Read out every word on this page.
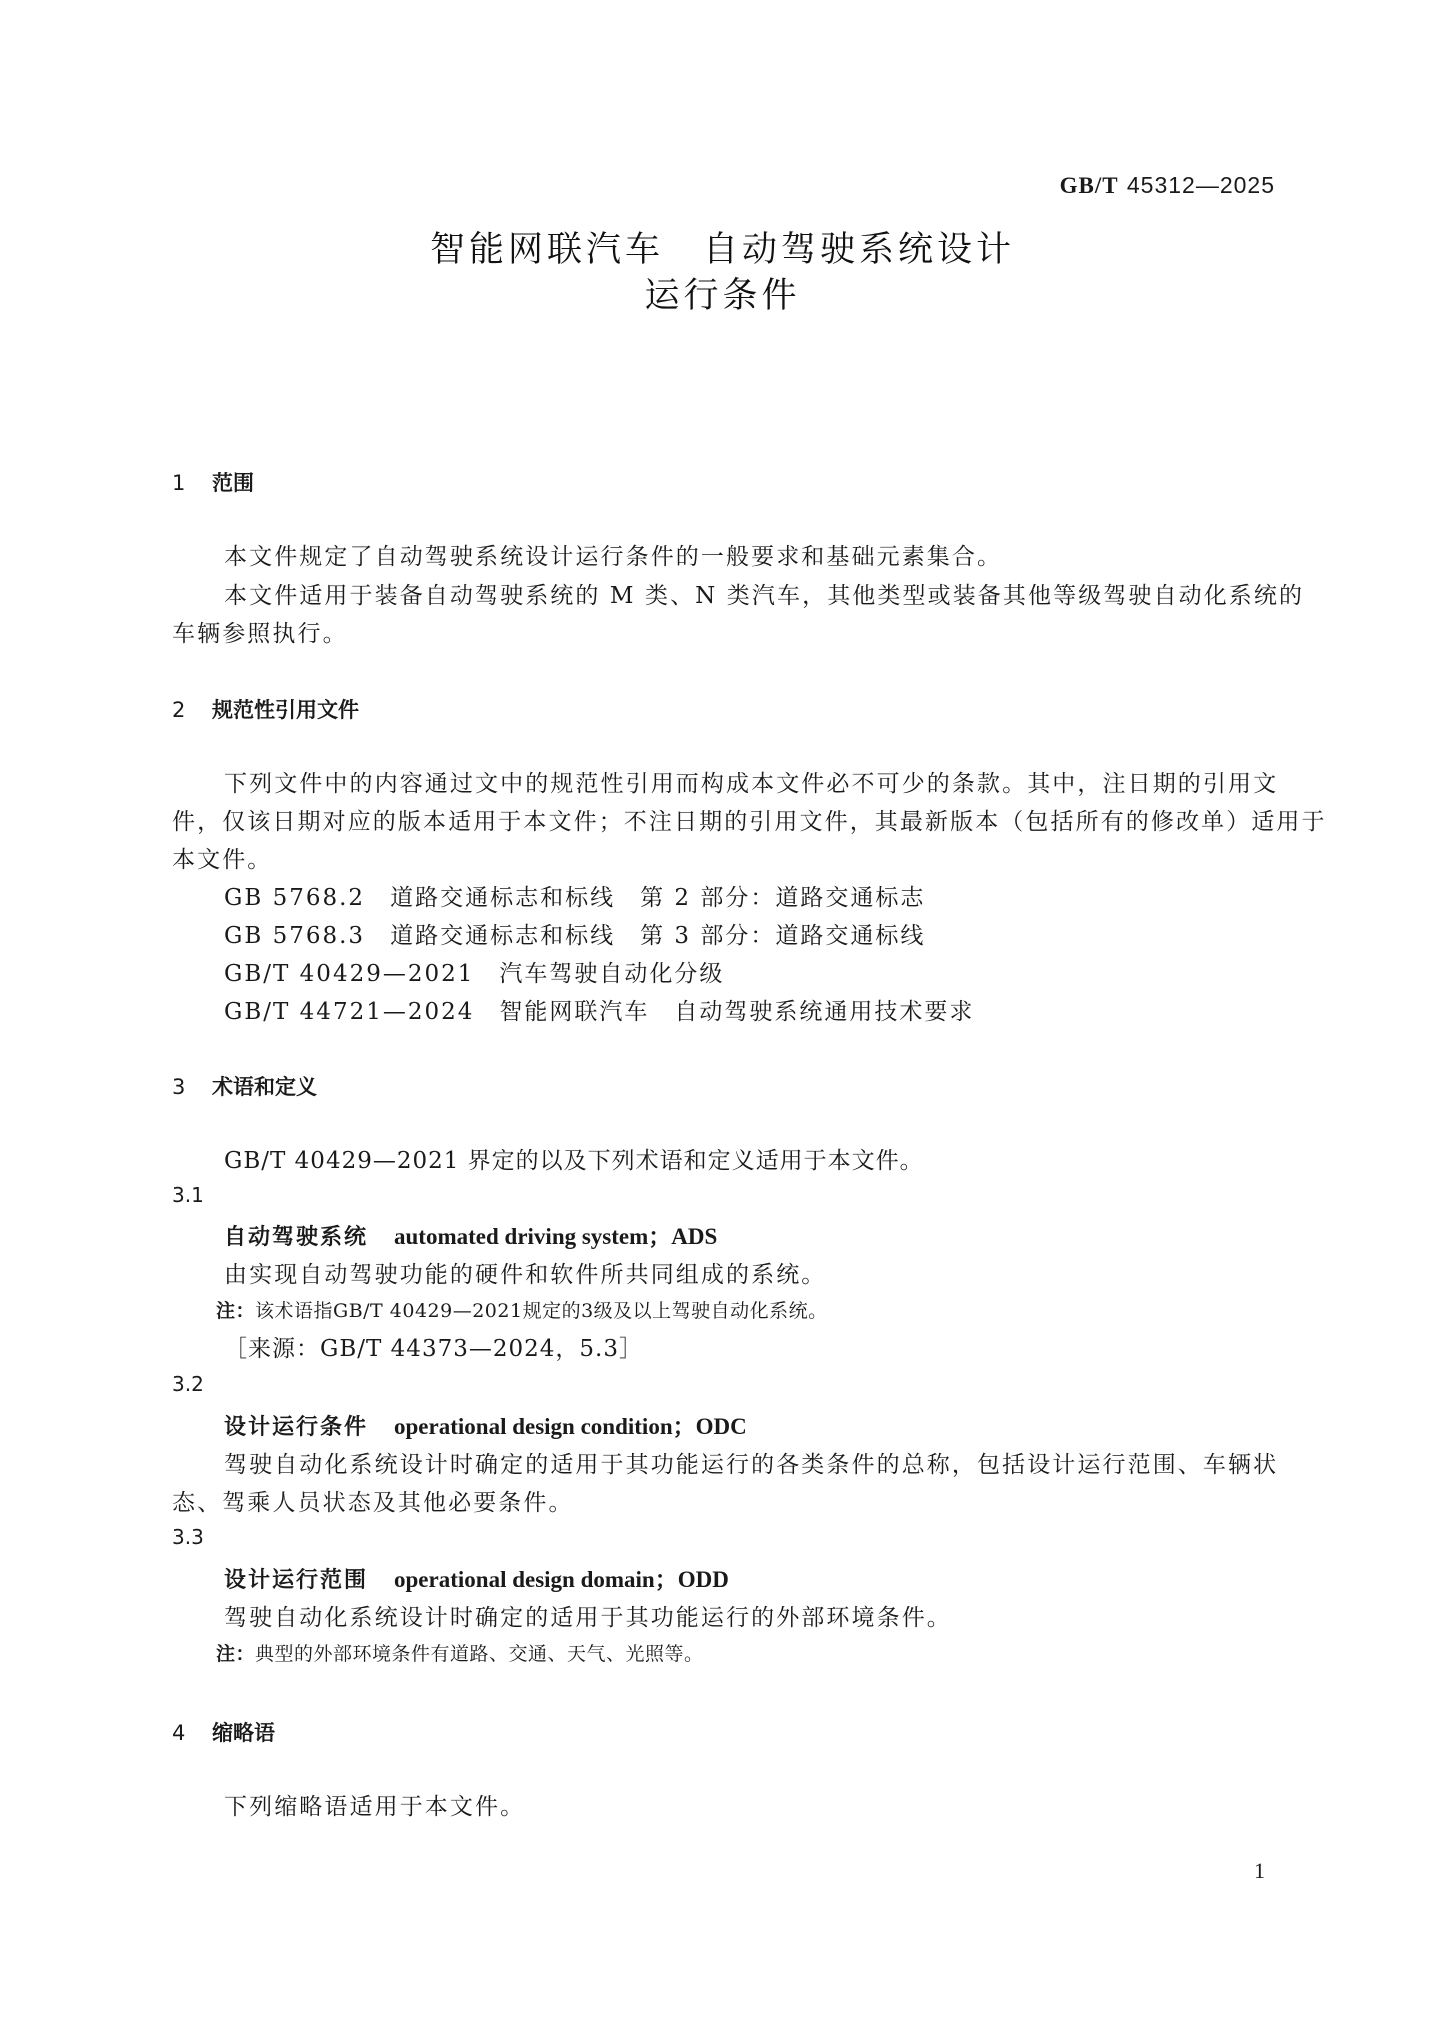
GB/T 45312—2025
智能网联汽车　自动驾驶系统设计
运行条件
1 范围
本文件规定了自动驾驶系统设计运行条件的一般要求和基础元素集合。
本文件适用于装备自动驾驶系统的 M 类、N 类汽车，其他类型或装备其他等级驾驶自动化系统的
车辆参照执行。
2 规范性引用文件
下列文件中的内容通过文中的规范性引用而构成本文件必不可少的条款。其中，注日期的引用文
件，仅该日期对应的版本适用于本文件；不注日期的引用文件，其最新版本（包括所有的修改单）适用于
本文件。
GB 5768.2　道路交通标志和标线　第 2 部分：道路交通标志
GB 5768.3　道路交通标志和标线　第 3 部分：道路交通标线
GB/T 40429—2021　汽车驾驶自动化分级
GB/T 44721—2024　智能网联汽车　自动驾驶系统通用技术要求
3 术语和定义
GB/T 40429—2021 界定的以及下列术语和定义适用于本文件。
3.1
自动驾驶系统 automated driving system；ADS
由实现自动驾驶功能的硬件和软件所共同组成的系统。
注：该术语指GB/T 40429—2021规定的3级及以上驾驶自动化系统。
［来源：GB/T 44373—2024，5.3］
3.2
设计运行条件 operational design condition；ODC
驾驶自动化系统设计时确定的适用于其功能运行的各类条件的总称，包括设计运行范围、车辆状
态、驾乘人员状态及其他必要条件。
3.3
设计运行范围 operational design domain；ODD
驾驶自动化系统设计时确定的适用于其功能运行的外部环境条件。
注：典型的外部环境条件有道路、交通、天气、光照等。
4 缩略语
下列缩略语适用于本文件。
1
